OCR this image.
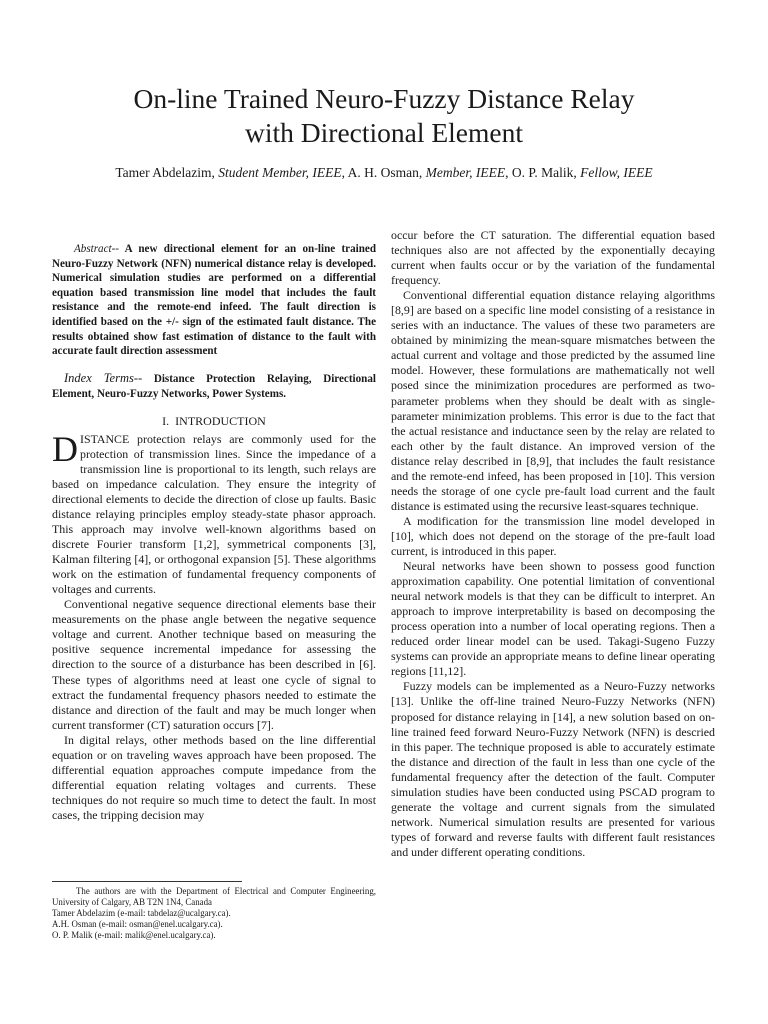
On-line Trained Neuro-Fuzzy Distance Relay
with Directional Element
Tamer Abdelazim, Student Member, IEEE, A. H. Osman, Member, IEEE, O. P. Malik, Fellow, IEEE

Abstract-- A new directional element for an on-line trained Neuro-Fuzzy Network (NFN) numerical distance relay is developed. Numerical simulation studies are performed on a differential equation based transmission line model that includes the fault resistance and the remote-end infeed. The fault direction is identified based on the +/- sign of the estimated fault distance. The results obtained show fast estimation of distance to the fault with accurate fault direction assessment

Index Terms-- Distance Protection Relaying, Directional Element, Neuro-Fuzzy Networks, Power Systems.

I. INTRODUCTION

DISTANCE protection relays are commonly used for the protection of transmission lines. Since the impedance of a transmission line is proportional to its length, such relays are based on impedance calculation. They ensure the integrity of directional elements to decide the direction of close up faults. Basic distance relaying principles employ steady-state phasor approach. This approach may involve well-known algorithms based on discrete Fourier transform [1,2], symmetrical components [3], Kalman filtering [4], or orthogonal expansion [5]. These algorithms work on the estimation of fundamental frequency components of voltages and currents.

Conventional negative sequence directional elements base their measurements on the phase angle between the negative sequence voltage and current. Another technique based on measuring the positive sequence incremental impedance for assessing the direction to the source of a disturbance has been described in [6]. These types of algorithms need at least one cycle of signal to extract the fundamental frequency phasors needed to estimate the distance and direction of the fault and may be much longer when current transformer (CT) saturation occurs [7].

In digital relays, other methods based on the line differential equation or on traveling waves approach have been proposed. The differential equation approaches compute impedance from the differential equation relating voltages and currents. These techniques do not require so much time to detect the fault. In most cases, the tripping decision may

The authors are with the Department of Electrical and Computer Engineering, University of Calgary, AB T2N 1N4, Canada

Tamer Abdelazim (e-mail: tabdelaz@ucalgary.ca).

A.H. Osman (e-mail: osman@enel.ucalgary.ca).

O. P. Malik (e-mail: malik@enel.ucalgary.ca).

occur before the CT saturation. The differential equation based techniques also are not affected by the exponentially decaying current when faults occur or by the variation of the fundamental frequency.

Conventional differential equation distance relaying algorithms [8,9] are based on a specific line model consisting of a resistance in series with an inductance. The values of these two parameters are obtained by minimizing the mean-square mismatches between the actual current and voltage and those predicted by the assumed line model. However, these formulations are mathematically not well posed since the minimization procedures are performed as two-parameter problems when they should be dealt with as single-parameter minimization problems. This error is due to the fact that the actual resistance and inductance seen by the relay are related to each other by the fault distance. An improved version of the distance relay described in [8,9], that includes the fault resistance and the remote-end infeed, has been proposed in [10]. This version needs the storage of one cycle pre-fault load current and the fault distance is estimated using the recursive least-squares technique.

A modification for the transmission line model developed in [10], which does not depend on the storage of the pre-fault load current, is introduced in this paper.

Neural networks have been shown to possess good function approximation capability. One potential limitation of conventional neural network models is that they can be difficult to interpret. An approach to improve interpretability is based on decomposing the process operation into a number of local operating regions. Then a reduced order linear model can be used. Takagi-Sugeno Fuzzy systems can provide an appropriate means to define linear operating regions [11,12].

Fuzzy models can be implemented as a Neuro-Fuzzy networks [13]. Unlike the off-line trained Neuro-Fuzzy Networks (NFN) proposed for distance relaying in [14], a new solution based on on-line trained feed forward Neuro-Fuzzy Network (NFN) is descried in this paper. The technique proposed is able to accurately estimate the distance and direction of the fault in less than one cycle of the fundamental frequency after the detection of the fault. Computer simulation studies have been conducted using PSCAD program to generate the voltage and current signals from the simulated network. Numerical simulation results are presented for various types of forward and reverse faults with different fault resistances and under different operating conditions.
